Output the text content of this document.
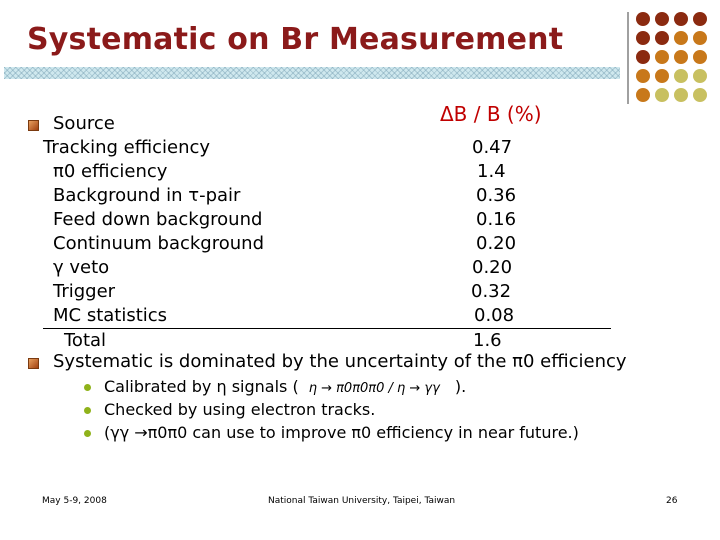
Systematic on Br Measurement
ΔB / B (%)
Source
Tracking efficiency	0.47
π0 efficiency	1.4
Background in τ-pair	0.36
Feed down background	0.16
Continuum background	0.20
γ veto	0.20
Trigger	0.32
MC statistics	0.08
Total	1.6
Systematic is dominated by the uncertainty of the π0 efficiency
Calibrated by η signals ( η → π0π0π0 / η → γγ ).
Checked by using electron tracks.
(γγ →π0π0 can use to improve π0 efficiency in near future.)
May 5-9, 2008	National Taiwan University, Taipei, Taiwan	26
